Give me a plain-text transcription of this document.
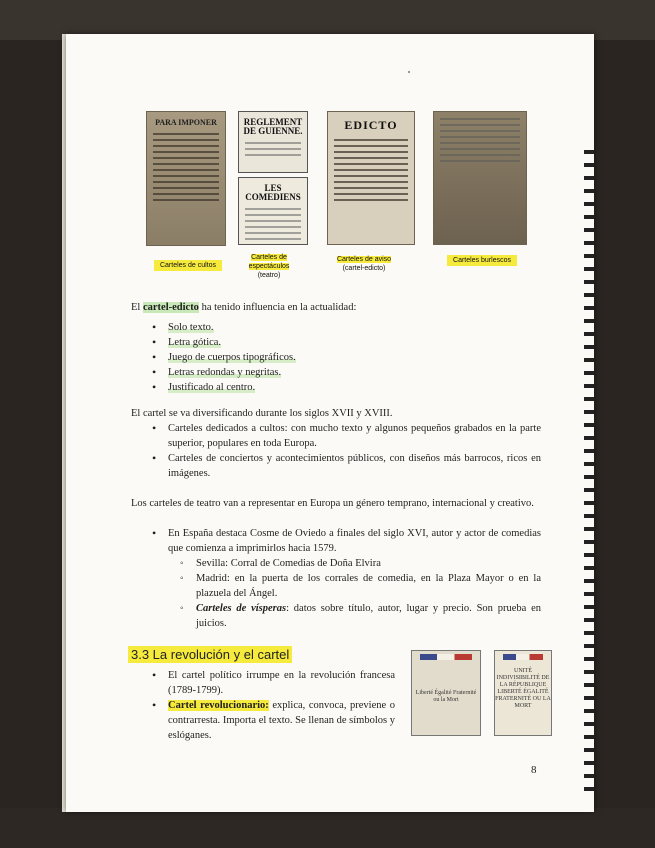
PARA IMPONER	REGLEMENT DE GUIENNE.
LES COMEDIENS
EDICTO
Carteles de cultos
Carteles de
espectáculos
(teatro)
Carteles de aviso
(cartel-edicto)
Carteles burlescos
El cartel-edicto ha tenido influencia en la actualidad:
• Solo texto.
• Letra gótica.
• Juego de cuerpos tipográficos.
• Letras redondas y negritas.
• Justificado al centro.
El cartel se va diversificando durante los siglos XVII y XVIII.
• Carteles dedicados a cultos: con mucho texto y algunos pequeños grabados en la parte superior, populares en toda Europa.
• Carteles de conciertos y acontecimientos públicos, con diseños más barrocos, ricos en imágenes.
Los carteles de teatro van a representar en Europa un género temprano, internacional y creativo.
• En España destaca Cosme de Oviedo a finales del siglo XVI, autor y actor de comedias que comienza a imprimirlos hacia 1579.
◦ Sevilla: Corral de Comedias de Doña Elvira
◦ Madrid: en la puerta de los corrales de comedia, en la Plaza Mayor o en la plazuela del Ángel.
◦ Carteles de vísperas: datos sobre título, autor, lugar y precio. Son prueba en juicios.
3.3 La revolución y el cartel
• El cartel político irrumpe en la revolución francesa (1789-1799).
• Cartel revolucionario: explica, convoca, previene o contrarresta. Importa el texto. Se llenan de símbolos y eslóganes.
Liberté Égalité Fraternité ou la Mort
UNITÉ INDIVISIBILITÉ DE LA RÉPUBLIQUE LIBERTÉ ÉGALITÉ FRATERNITÉ OU LA MORT
8
